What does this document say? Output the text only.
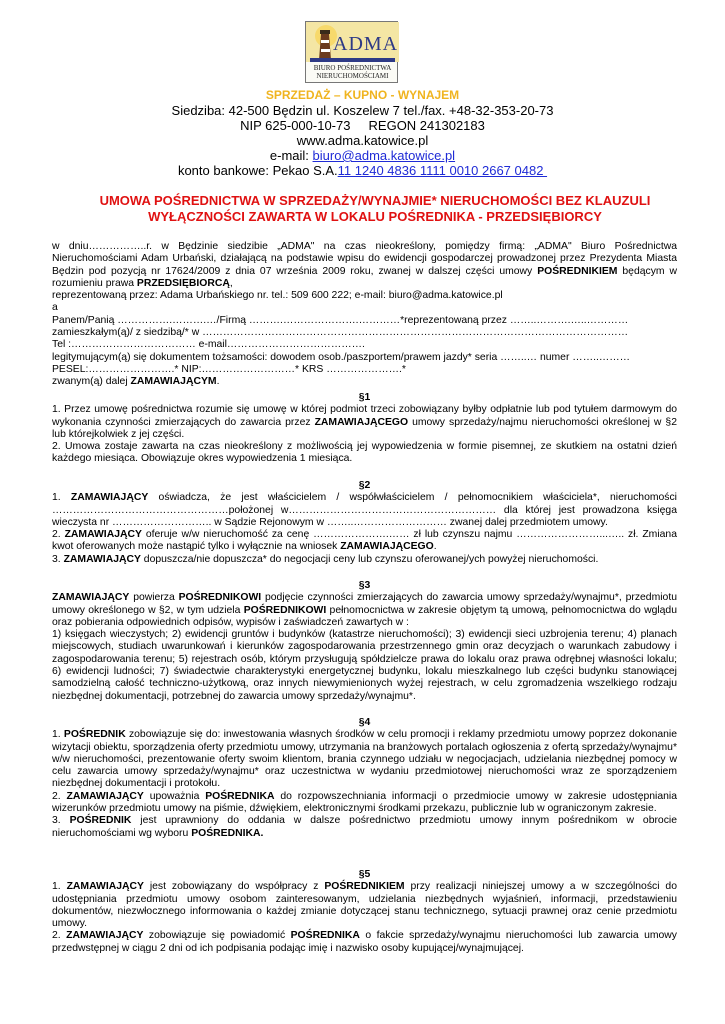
ADMA
BIURO POŚREDNICTWA
NIERUCHOMOŚCIAMI
SPRZEDAŻ – KUPNO - WYNAJEM
Siedziba: 42-500 Będzin ul. Koszelew 7 tel./fax. +48-32-353-20-73
NIP 625-000-10-73     REGON 241302183
www.adma.katowice.pl
e-mail: biuro@adma.katowice.pl
konto bankowe: Pekao S.A.11 1240 4836 1111 0010 2667 0482
UMOWA POŚREDNICTWA W SPRZEDAŻY/WYNAJMIE* NIERUCHOMOŚCI BEZ KLAUZULI
WYŁĄCZNOŚCI ZAWARTA W LOKALU POŚREDNIKA - PRZEDSIĘBIORCY
w dniu……………..r. w Będzinie siedzibie „ADMA" na czas nieokreślony, pomiędzy firmą: „ADMA" Biuro Pośrednictwa Nieruchomościami Adam Urbański, działającą na podstawie wpisu do ewidencji gospodarczej prowadzonej przez Prezydenta Miasta Będzin pod pozycją nr 17624/2009 z dnia 07 września 2009 roku, zwanej w dalszej części umowy POŚREDNIKIEM będącym w rozumieniu prawa PRZEDSIĘBIORCĄ,
reprezentowaną przez: Adama Urbańskiego nr. tel.: 509 600 222; e-mail: biuro@adma.katowice.pl
a
Panem/Panią …………….……….…/Firmą ……….………………….…………*reprezentowaną przez ……..……….…..…………
zamieszkałym(ą)/ z siedzibą/* w ……………………………………………………………………………………………………………
Tel :……………………………… e-mail………………………………….
legitymującym(ą) się dokumentem tożsamości: dowodem osob./paszportem/prawem jazdy* seria ……..… numer ……..………
PESEL:…………………….* NIP:………………………* KRS ………………….*
zwanym(ą) dalej ZAMAWIAJĄCYM.
§1
1. Przez umowę pośrednictwa rozumie się umowę w której podmiot trzeci zobowiązany byłby odpłatnie lub pod tytułem darmowym do wykonania czynności zmierzających do zawarcia przez ZAMAWIAJĄCEGO umowy sprzedaży/najmu nieruchomości określonej w §2 lub którejkolwiek z jej części.
2. Umowa zostaje zawarta na czas nieokreślony z możliwością jej wypowiedzenia w formie pisemnej, ze skutkiem na ostatni dzień każdego miesiąca. Obowiązuje okres wypowiedzenia 1 miesiąca.
§2
1. ZAMAWIAJĄCY oświadcza, że jest właścicielem / współwłaścicielem / pełnomocnikiem właściciela*, nieruchomości ……………………………………………położonej w…………………………………………………… dla której jest prowadzona księga wieczysta nr ……………………….. w Sądzie Rejonowym w ……..……………………… zwanej dalej przedmiotem umowy.
2. ZAMAWIAJĄCY oferuje w/w nieruchomość za cenę ………………….…… zł lub czynszu najmu ……………………...….. zł. Zmiana kwot oferowanych może nastąpić tylko i wyłącznie na wniosek ZAMAWIAJĄCEGO.
3. ZAMAWIAJĄCY dopuszcza/nie dopuszcza* do negocjacji ceny lub czynszu oferowanej/ych powyżej nieruchomości.
§3
ZAMAWIAJĄCY powierza POŚREDNIKOWI podjęcie czynności zmierzających do zawarcia umowy sprzedaży/wynajmu*, przedmiotu umowy określonego w §2, w tym udziela POŚREDNIKOWI pełnomocnictwa w zakresie objętym tą umową, pełnomocnictwa do wglądu oraz pobierania odpowiednich odpisów, wypisów i zaświadczeń zawartych w :
1) księgach wieczystych; 2) ewidencji gruntów i budynków (katastrze nieruchomości); 3) ewidencji sieci uzbrojenia terenu; 4) planach miejscowych, studiach uwarunkowań i kierunków zagospodarowania przestrzennego gmin oraz decyzjach o warunkach zabudowy i zagospodarowania terenu; 5) rejestrach osób, którym przysługują spółdzielcze prawa do lokalu oraz prawa odrębnej własności lokalu; 6) ewidencji ludności; 7) świadectwie charakterystyki energetycznej budynku, lokalu mieszkalnego lub części budynku stanowiącej samodzielną całość techniczno-użytkową, oraz innych niewymienionych wyżej rejestrach, w celu zgromadzenia wszelkiego rodzaju niezbędnej dokumentacji, potrzebnej do zawarcia umowy sprzedaży/wynajmu*.
§4
1. POŚREDNIK zobowiązuje się do: inwestowania własnych środków w celu promocji i reklamy przedmiotu umowy poprzez dokonanie wizytacji obiektu, sporządzenia oferty przedmiotu umowy, utrzymania na branżowych portalach ogłoszenia z ofertą sprzedaży/wynajmu* w/w nieruchomości, prezentowanie oferty swoim klientom, brania czynnego udziału w negocjacjach, udzielania niezbędnej pomocy w celu zawarcia umowy sprzedaży/wynajmu* oraz uczestnictwa w wydaniu przedmiotowej nieruchomości wraz ze sporządzeniem niezbędnej dokumentacji i protokołu.
2. ZAMAWIAJĄCY upoważnia POŚREDNIKA do rozpowszechniania informacji o przedmiocie umowy w zakresie udostępniania wizerunków przedmiotu umowy na piśmie, dźwiękiem, elektronicznymi środkami przekazu, publicznie lub w ograniczonym zakresie.
3. POŚREDNIK jest uprawniony do oddania w dalsze pośrednictwo przedmiotu umowy innym pośrednikom w obrocie nieruchomościami wg wyboru POŚREDNIKA.
§5
1. ZAMAWIAJĄCY jest zobowiązany do współpracy z POŚREDNIKIEM przy realizacji niniejszej umowy a w szczególności do udostępniania przedmiotu umowy osobom zainteresowanym, udzielania niezbędnych wyjaśnień, informacji, przedstawieniu dokumentów, niezwłocznego informowania o każdej zmianie dotyczącej stanu technicznego, sytuacji prawnej oraz cenie przedmiotu umowy.
2. ZAMAWIAJĄCY zobowiązuje się powiadomić POŚREDNIKA o fakcie sprzedaży/wynajmu nieruchomości lub zawarcia umowy przedwstępnej w ciągu 2 dni od ich podpisania podając imię i nazwisko osoby kupującej/wynajmującej.
